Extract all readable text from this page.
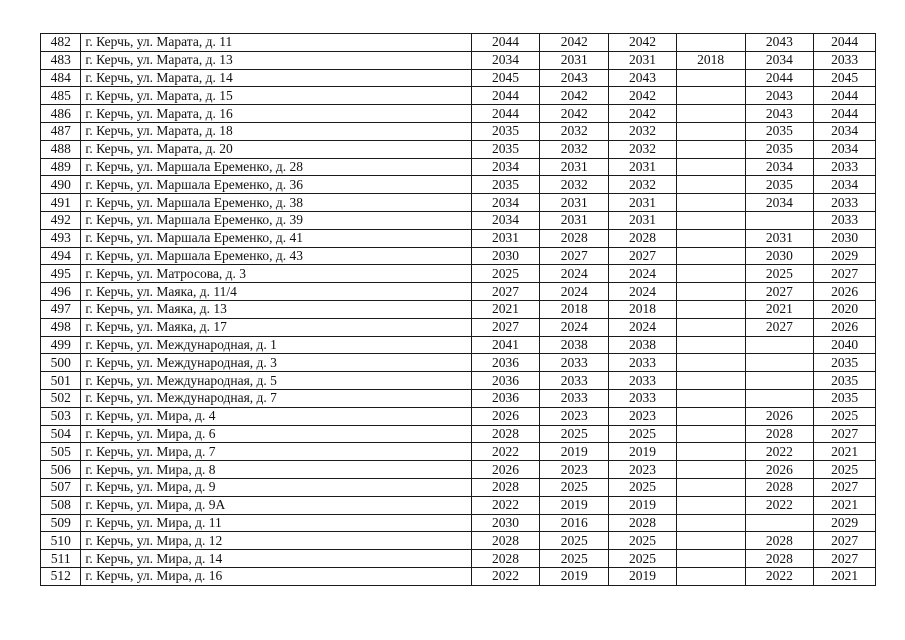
482	г. Керчь, ул. Марата, д. 11	2044	2042	2042		2043	2044
483	г. Керчь, ул. Марата, д. 13	2034	2031	2031	2018	2034	2033
484	г. Керчь, ул. Марата, д. 14	2045	2043	2043		2044	2045
485	г. Керчь, ул. Марата, д. 15	2044	2042	2042		2043	2044
486	г. Керчь, ул. Марата, д. 16	2044	2042	2042		2043	2044
487	г. Керчь, ул. Марата, д. 18	2035	2032	2032		2035	2034
488	г. Керчь, ул. Марата, д. 20	2035	2032	2032		2035	2034
489	г. Керчь, ул. Маршала Еременко, д. 28	2034	2031	2031		2034	2033
490	г. Керчь, ул. Маршала Еременко, д. 36	2035	2032	2032		2035	2034
491	г. Керчь, ул. Маршала Еременко, д. 38	2034	2031	2031		2034	2033
492	г. Керчь, ул. Маршала Еременко, д. 39	2034	2031	2031			2033
493	г. Керчь, ул. Маршала Еременко, д. 41	2031	2028	2028		2031	2030
494	г. Керчь, ул. Маршала Еременко, д. 43	2030	2027	2027		2030	2029
495	г. Керчь, ул. Матросова, д. 3	2025	2024	2024		2025	2027
496	г. Керчь, ул. Маяка, д. 11/4	2027	2024	2024		2027	2026
497	г. Керчь, ул. Маяка, д. 13	2021	2018	2018		2021	2020
498	г. Керчь, ул. Маяка, д. 17	2027	2024	2024		2027	2026
499	г. Керчь, ул. Международная, д. 1	2041	2038	2038			2040
500	г. Керчь, ул. Международная, д. 3	2036	2033	2033			2035
501	г. Керчь, ул. Международная, д. 5	2036	2033	2033			2035
502	г. Керчь, ул. Международная, д. 7	2036	2033	2033			2035
503	г. Керчь, ул. Мира, д. 4	2026	2023	2023		2026	2025
504	г. Керчь, ул. Мира, д. 6	2028	2025	2025		2028	2027
505	г. Керчь, ул. Мира, д. 7	2022	2019	2019		2022	2021
506	г. Керчь, ул. Мира, д. 8	2026	2023	2023		2026	2025
507	г. Керчь, ул. Мира, д. 9	2028	2025	2025		2028	2027
508	г. Керчь, ул. Мира, д. 9А	2022	2019	2019		2022	2021
509	г. Керчь, ул. Мира, д. 11	2030	2016	2028			2029
510	г. Керчь, ул. Мира, д. 12	2028	2025	2025		2028	2027
511	г. Керчь, ул. Мира, д. 14	2028	2025	2025		2028	2027
512	г. Керчь, ул. Мира, д. 16	2022	2019	2019		2022	2021
